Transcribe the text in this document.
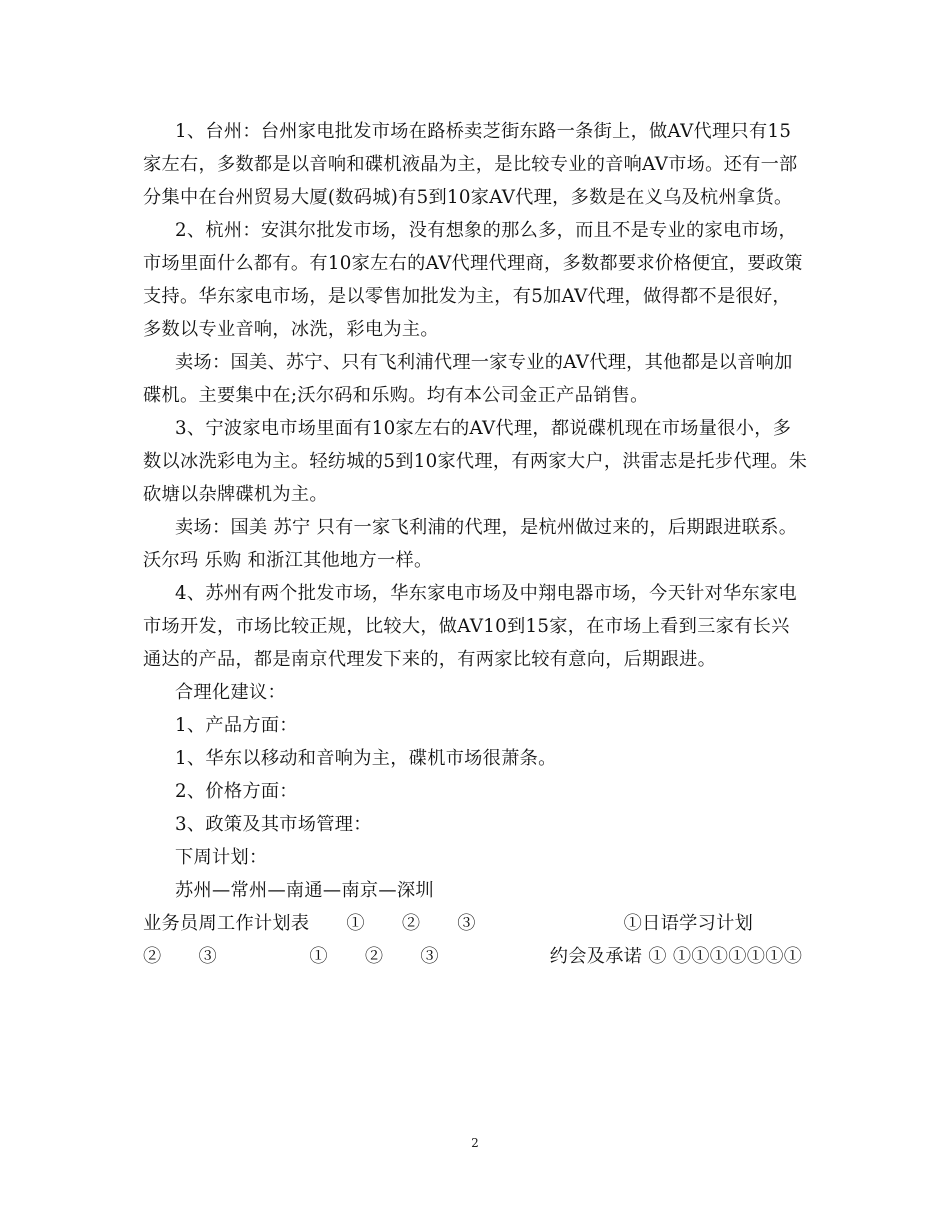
1、台州：台州家电批发市场在路桥卖芝街东路一条街上，做AV代理只有15家左右，多数都是以音响和碟机液晶为主，是比较专业的音响AV市场。还有一部分集中在台州贸易大厦(数码城)有5到10家AV代理，多数是在义乌及杭州拿货。

2、杭州：安淇尔批发市场，没有想象的那么多，而且不是专业的家电市场，市场里面什么都有。有10家左右的AV代理代理商，多数都要求价格便宜，要政策支持。华东家电市场，是以零售加批发为主，有5加AV代理，做得都不是很好，多数以专业音响，冰洗，彩电为主。

卖场：国美、苏宁、只有飞利浦代理一家专业的AV代理，其他都是以音响加碟机。主要集中在;沃尔码和乐购。均有本公司金正产品销售。

3、宁波家电市场里面有10家左右的AV代理，都说碟机现在市场量很小，多数以冰洗彩电为主。轻纺城的5到10家代理，有两家大户，洪雷志是托步代理。朱砍塘以杂牌碟机为主。

卖场：国美 苏宁 只有一家飞利浦的代理，是杭州做过来的，后期跟进联系。沃尔玛 乐购 和浙江其他地方一样。

4、苏州有两个批发市场，华东家电市场及中翔电器市场，今天针对华东家电市场开发，市场比较正规，比较大，做AV10到15家，在市场上看到三家有长兴通达的产品，都是南京代理发下来的，有两家比较有意向，后期跟进。

合理化建议：

1、产品方面：

1、华东以移动和音响为主，碟机市场很萧条。

2、价格方面：

3、政策及其市场管理：

下周计划：

苏州—常州—南通—南京—深圳

业务员周工作计划表　　①　　②　　③　　　　　　　　①日语学习计划

②　　③　　　　　①　　②　　③　　　　　　约会及承诺 ① ①①①①①①①

2
